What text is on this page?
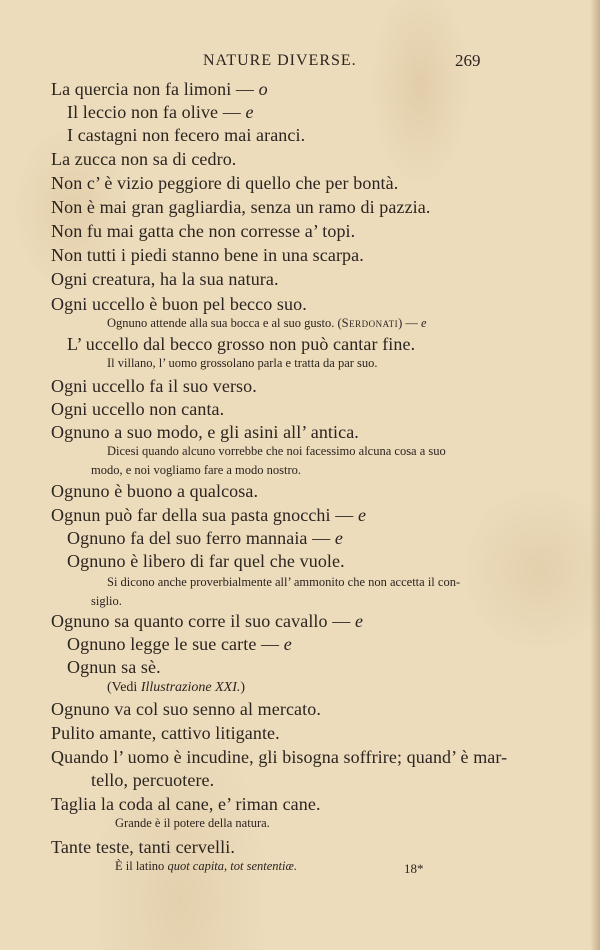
NATURE DIVERSE.	269
La quercia non fa limoni — o
Il leccio non fa olive — e
I castagni non fecero mai aranci.
La zucca non sa di cedro.
Non c’ è vizio peggiore di quello che per bontà.
Non è mai gran gagliardia, senza un ramo di pazzia.
Non fu mai gatta che non corresse a’ topi.
Non tutti i piedi stanno bene in una scarpa.
Ogni creatura, ha la sua natura.
Ogni uccello è buon pel becco suo.
Ognuno attende alla sua bocca e al suo gusto. (Serdonati) — e
L’ uccello dal becco grosso non può cantar fine.
Il villano, l’ uomo grossolano parla e tratta da par suo.
Ogni uccello fa il suo verso.
Ogni uccello non canta.
Ognuno a suo modo, e gli asini all’ antica.
Dicesi quando alcuno vorrebbe che noi facessimo alcuna cosa a suo
modo, e noi vogliamo fare a modo nostro.
Ognuno è buono a qualcosa.
Ognun può far della sua pasta gnocchi — e
Ognuno fa del suo ferro mannaia — e
Ognuno è libero di far quel che vuole.
Si dicono anche proverbialmente all’ ammonito che non accetta il con-
siglio.
Ognuno sa quanto corre il suo cavallo — e
Ognuno legge le sue carte — e
Ognun sa sè.
(Vedi Illustrazione XXI.)
Ognuno va col suo senno al mercato.
Pulito amante, cattivo litigante.
Quando l’ uomo è incudine, gli bisogna soffrire; quand’ è mar-
tello, percuotere.
Taglia la coda al cane, e’ riman cane.
Grande è il potere della natura.
Tante teste, tanti cervelli.
È il latino quot capita, tot sententiæ.	18*
